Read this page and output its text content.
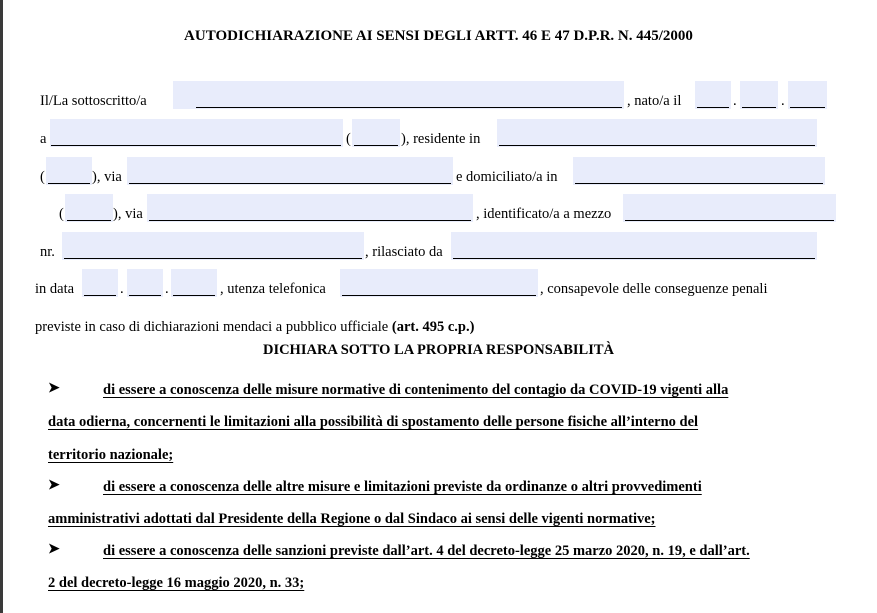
AUTODICHIARAZIONE AI SENSI DEGLI ARTT. 46 E 47 D.P.R. N. 445/2000
Il/La sottoscritto/a	, nato/a il	.	.
a	(	), residente in
(	), via	e domiciliato/a in
(	), via	, identificato/a a mezzo
nr.	, rilasciato da
in data	.	.	, utenza telefonica	, consapevole delle conseguenze penali
previste in caso di dichiarazioni mendaci a pubblico ufficiale (art. 495 c.p.)
DICHIARA SOTTO LA PROPRIA RESPONSABILITÀ
➤	di essere a conoscenza delle misure normative di contenimento del contagio da COVID-19 vigenti alla
data odierna, concernenti le limitazioni alla possibilità di spostamento delle persone fisiche all’interno del
territorio nazionale;
➤	di essere a conoscenza delle altre misure e limitazioni previste da ordinanze o altri provvedimenti
amministrativi adottati dal Presidente della Regione o dal Sindaco ai sensi delle vigenti normative;
➤	di essere a conoscenza delle sanzioni previste dall’art. 4 del decreto-legge 25 marzo 2020, n. 19, e dall’art.
2 del decreto-legge 16 maggio 2020, n. 33;
